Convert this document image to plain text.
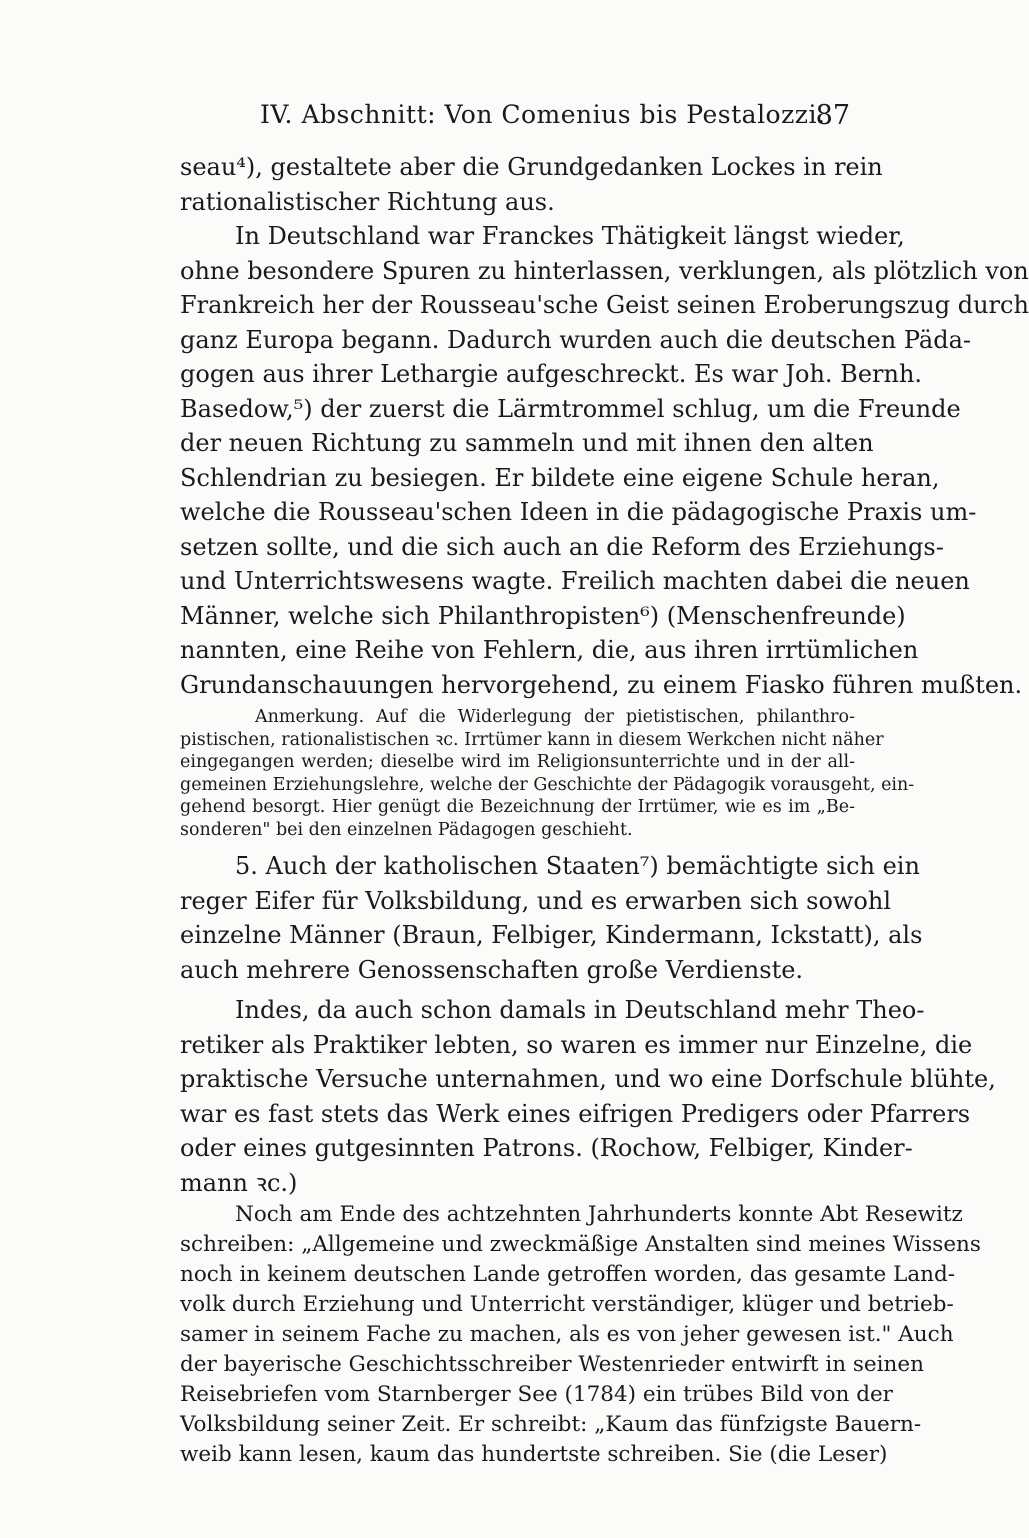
IV. Abschnitt: Von Comenius bis Pestalozzi.
87
seau⁴), gestaltete aber die Grundgedanken Lockes in rein
rationalistischer Richtung aus.
In Deutschland war Franckes Thätigkeit längst wieder,
ohne besondere Spuren zu hinterlassen, verklungen, als plötzlich von
Frankreich her der Rousseau'sche Geist seinen Eroberungszug durch
ganz Europa begann. Dadurch wurden auch die deutschen Päda-
gogen aus ihrer Lethargie aufgeschreckt. Es war Joh. Bernh.
Basedow,⁵) der zuerst die Lärmtrommel schlug, um die Freunde
der neuen Richtung zu sammeln und mit ihnen den alten
Schlendrian zu besiegen. Er bildete eine eigene Schule heran,
welche die Rousseau'schen Ideen in die pädagogische Praxis um-
setzen sollte, und die sich auch an die Reform des Erziehungs-
und Unterrichtswesens wagte. Freilich machten dabei die neuen
Männer, welche sich Philanthropisten⁶) (Menschenfreunde)
nannten, eine Reihe von Fehlern, die, aus ihren irrtümlichen
Grundanschauungen hervorgehend, zu einem Fiasko führen mußten.
Anmerkung. Auf die Widerlegung der pietistischen, philanthro-
pistischen, rationalistischen ꝛc. Irrtümer kann in diesem Werkchen nicht näher
eingegangen werden; dieselbe wird im Religionsunterrichte und in der all-
gemeinen Erziehungslehre, welche der Geschichte der Pädagogik vorausgeht, ein-
gehend besorgt. Hier genügt die Bezeichnung der Irrtümer, wie es im „Be-
sonderen" bei den einzelnen Pädagogen geschieht.
5. Auch der katholischen Staaten⁷) bemächtigte sich ein
reger Eifer für Volksbildung, und es erwarben sich sowohl
einzelne Männer (Braun, Felbiger, Kindermann, Ickstatt), als
auch mehrere Genossenschaften große Verdienste.
Indes, da auch schon damals in Deutschland mehr Theo-
retiker als Praktiker lebten, so waren es immer nur Einzelne, die
praktische Versuche unternahmen, und wo eine Dorfschule blühte,
war es fast stets das Werk eines eifrigen Predigers oder Pfarrers
oder eines gutgesinnten Patrons. (Rochow, Felbiger, Kinder-
mann ꝛc.)
Noch am Ende des achtzehnten Jahrhunderts konnte Abt Resewitz
schreiben: „Allgemeine und zweckmäßige Anstalten sind meines Wissens
noch in keinem deutschen Lande getroffen worden, das gesamte Land-
volk durch Erziehung und Unterricht verständiger, klüger und betrieb-
samer in seinem Fache zu machen, als es von jeher gewesen ist." Auch
der bayerische Geschichtsschreiber Westenrieder entwirft in seinen
Reisebriefen vom Starnberger See (1784) ein trübes Bild von der
Volksbildung seiner Zeit. Er schreibt: „Kaum das fünfzigste Bauern-
weib kann lesen, kaum das hundertste schreiben. Sie (die Leser)
